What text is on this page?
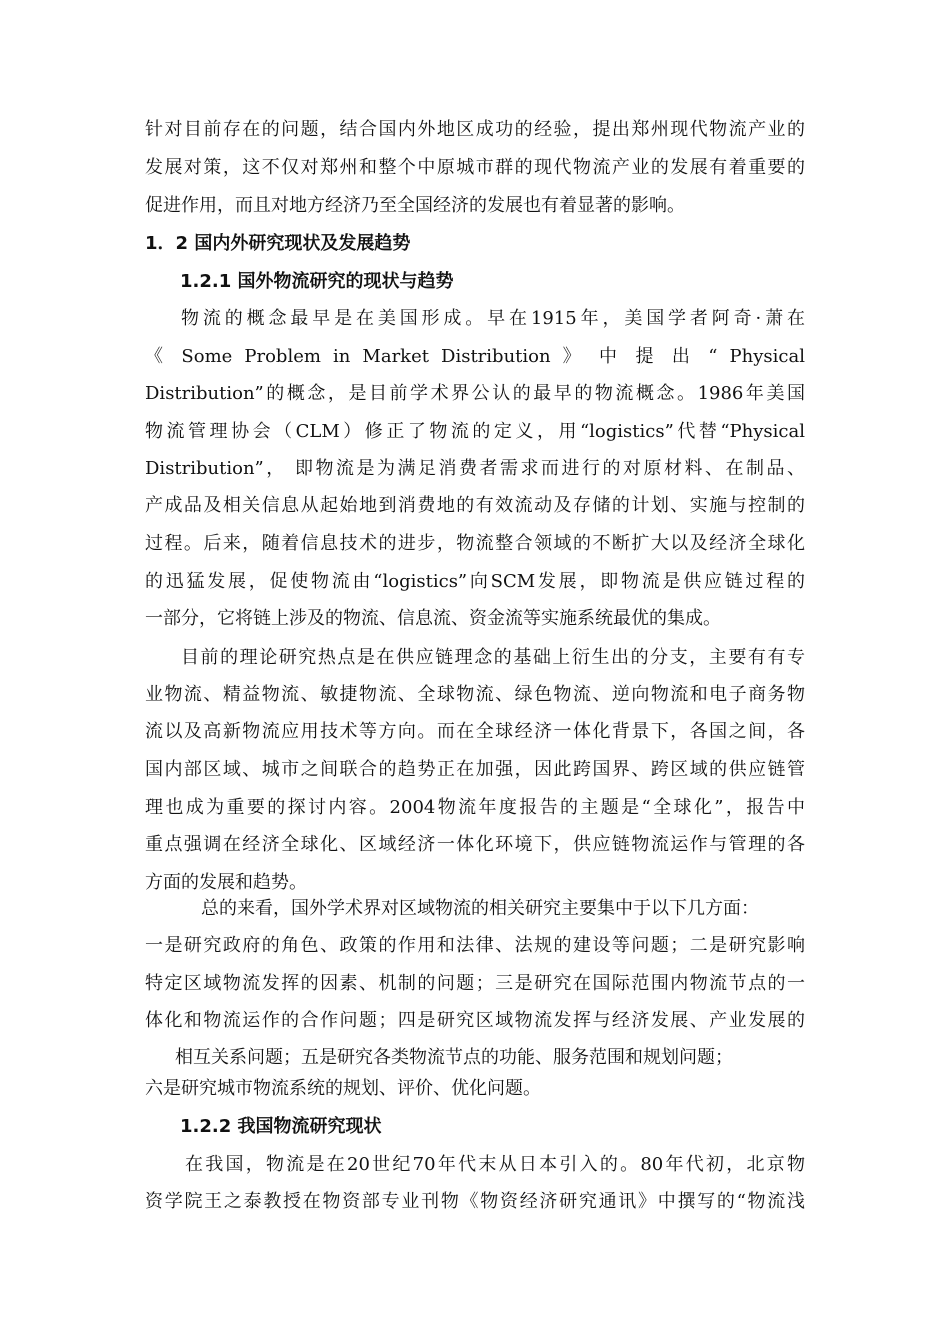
针对目前存在的问题，结合国内外地区成功的经验，提出郑州现代物流产业的
发展对策，这不仅对郑州和整个中原城市群的现代物流产业的发展有着重要的
促进作用，而且对地方经济乃至全国经济的发展也有着显著的影响。
1．2 国内外研究现状及发展趋势
1.2.1 国外物流研究的现状与趋势
物流的概念最早是在美国形成。早在1915年，美国学者阿奇·萧在
《 Some Problem in Market Distribution 》 中 提 出 “ Physical
Distribution”的概念，是目前学术界公认的最早的物流概念。1986年美国
物流管理协会（CLM）修正了物流的定义，用“logistics”代替“Physical
Distribution”， 即物流是为满足消费者需求而进行的对原材料、在制品、
产成品及相关信息从起始地到消费地的有效流动及存储的计划、实施与控制的
过程。后来，随着信息技术的进步，物流整合领域的不断扩大以及经济全球化
的迅猛发展，促使物流由“logistics”向SCM发展，即物流是供应链过程的
一部分，它将链上涉及的物流、信息流、资金流等实施系统最优的集成。
目前的理论研究热点是在供应链理念的基础上衍生出的分支，主要有有专
业物流、精益物流、敏捷物流、全球物流、绿色物流、逆向物流和电子商务物
流以及高新物流应用技术等方向。而在全球经济一体化背景下，各国之间，各
国内部区域、城市之间联合的趋势正在加强，因此跨国界、跨区域的供应链管
理也成为重要的探讨内容。2004物流年度报告的主题是“全球化”，报告中
重点强调在经济全球化、区域经济一体化环境下，供应链物流运作与管理的各
方面的发展和趋势。
总的来看，国外学术界对区域物流的相关研究主要集中于以下几方面：
一是研究政府的角色、政策的作用和法律、法规的建设等问题；二是研究影响
特定区域物流发挥的因素、机制的问题；三是研究在国际范围内物流节点的一
体化和物流运作的合作问题；四是研究区域物流发挥与经济发展、产业发展的
相互关系问题；五是研究各类物流节点的功能、服务范围和规划问题；
六是研究城市物流系统的规划、评价、优化问题。
1.2.2 我国物流研究现状
在我国，物流是在20世纪70年代末从日本引入的。80年代初，北京物
资学院王之泰教授在物资部专业刊物《物资经济研究通讯》中撰写的“物流浅
